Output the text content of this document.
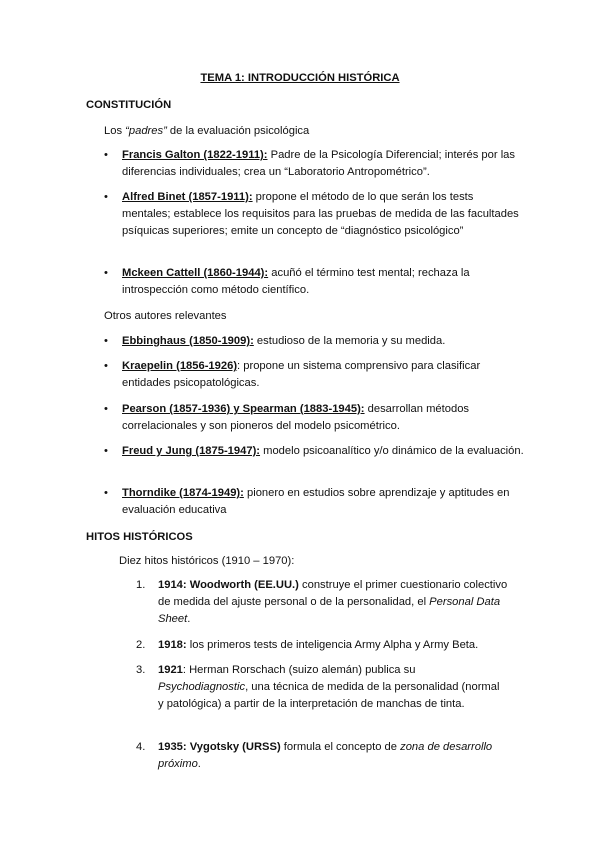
TEMA 1: INTRODUCCIÓN HISTÓRICA
CONSTITUCIÓN
Los “padres” de la evaluación psicológica
• Francis Galton (1822-1911): Padre de la Psicología Diferencial; interés por las diferencias individuales; crea un “Laboratorio Antropométrico”.
• Alfred Binet (1857-1911): propone el método de lo que serán los tests mentales; establece los requisitos para las pruebas de medida de las facultades psíquicas superiores; emite un concepto de “diagnóstico psicológico”
• Mckeen Cattell (1860-1944): acuñó el término test mental; rechaza la introspección como método científico.
Otros autores relevantes
• Ebbinghaus (1850-1909): estudioso de la memoria y su medida.
• Kraepelin (1856-1926): propone un sistema comprensivo para clasificar entidades psicopatológicas.
• Pearson (1857-1936) y Spearman (1883-1945): desarrollan métodos correlacionales y son pioneros del modelo psicométrico.
• Freud y Jung (1875-1947): modelo psicoanalítico y/o dinámico de la evaluación.
• Thorndike (1874-1949): pionero en estudios sobre aprendizaje y aptitudes en evaluación educativa
HITOS HISTÓRICOS
Diez hitos históricos (1910 – 1970):
1. 1914: Woodworth (EE.UU.) construye el primer cuestionario colectivo de medida del ajuste personal o de la personalidad, el Personal Data Sheet.
2. 1918: los primeros tests de inteligencia Army Alpha y Army Beta.
3. 1921: Herman Rorschach (suizo alemán) publica su Psychodiagnostic, una técnica de medida de la personalidad (normal y patológica) a partir de la interpretación de manchas de tinta.
4. 1935: Vygotsky (URSS) formula el concepto de zona de desarrollo próximo.
